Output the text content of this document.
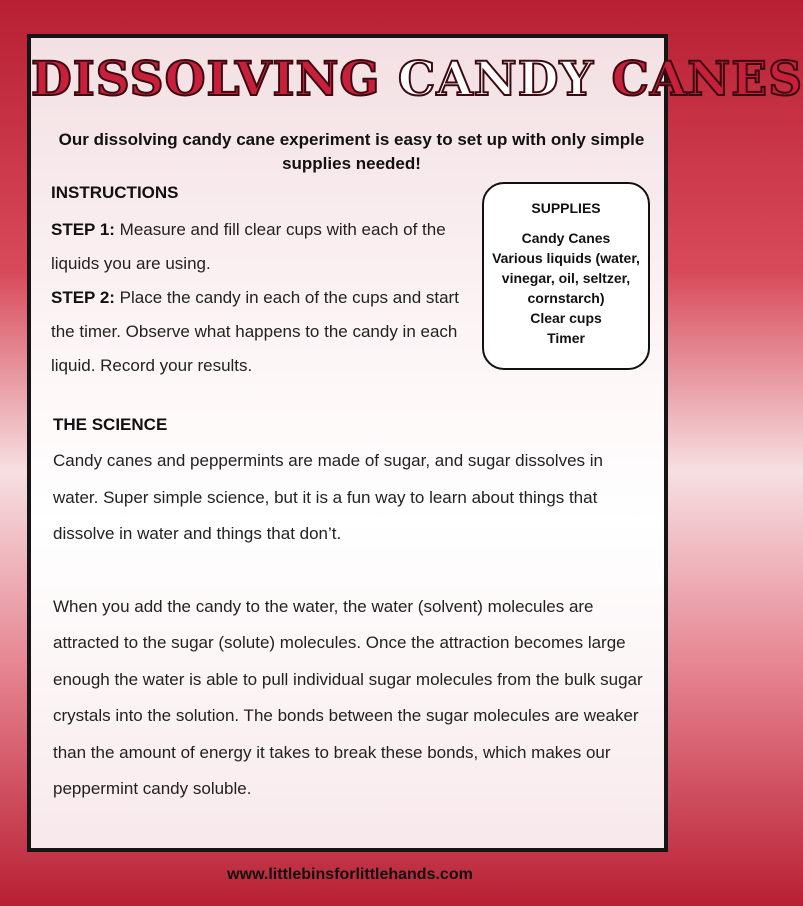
DISSOLVING CANDY CANES
Our dissolving candy cane experiment is easy to set up with only simple supplies needed!
INSTRUCTIONS
STEP 1: Measure and fill clear cups with each of the liquids you are using.
STEP 2: Place the candy in each of the cups and start the timer. Observe what happens to the candy in each liquid. Record your results.
SUPPLIES
Candy Canes
Various liquids (water, vinegar, oil, seltzer, cornstarch)
Clear cups
Timer
THE SCIENCE

Candy canes and peppermints are made of sugar, and sugar dissolves in water. Super simple science, but it is a fun way to learn about things that dissolve in water and things that don’t.

When you add the candy to the water, the water (solvent) molecules are attracted to the sugar (solute) molecules. Once the attraction becomes large enough the water is able to pull individual sugar molecules from the bulk sugar crystals into the solution. The bonds between the sugar molecules are weaker than the amount of energy it takes to break these bonds, which makes our peppermint candy soluble.

www.littlebinsforlittlehands.com
